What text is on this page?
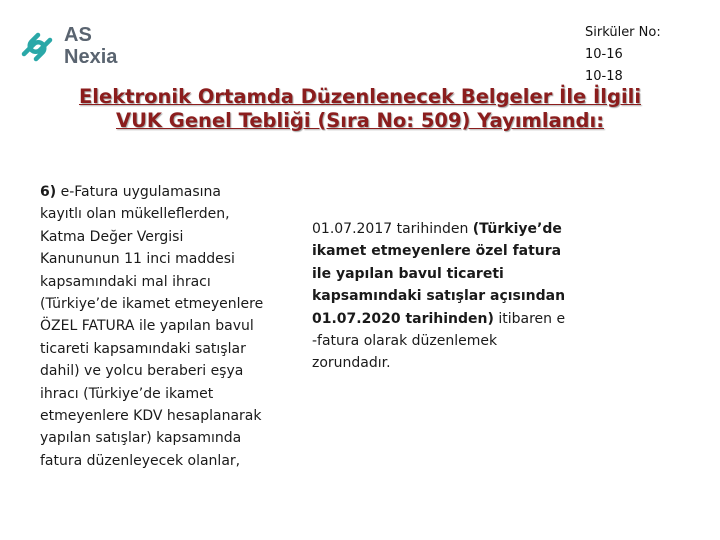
AS
Nexia
Sirküler No:
10-16
10-18
Elektronik Ortamda Düzenlenecek Belgeler İle İlgili
VUK Genel Tebliği (Sıra No: 509) Yayımlandı:
6) e-Fatura uygulamasına
kayıtlı olan mükelleflerden,
Katma Değer Vergisi
Kanununun 11 inci maddesi
kapsamındaki mal ihracı
(Türkiye’de ikamet etmeyenlere
ÖZEL FATURA ile yapılan bavul
ticareti kapsamındaki satışlar
dahil) ve yolcu beraberi eşya
ihracı (Türkiye’de ikamet
etmeyenlere KDV hesaplanarak
yapılan satışlar) kapsamında
fatura düzenleyecek olanlar,
01.07.2017 tarihinden (Türkiye’de
ikamet etmeyenlere özel fatura
ile yapılan bavul ticareti
kapsamındaki satışlar açısından
01.07.2020 tarihinden) itibaren e
-fatura olarak düzenlemek
zorundadır.
